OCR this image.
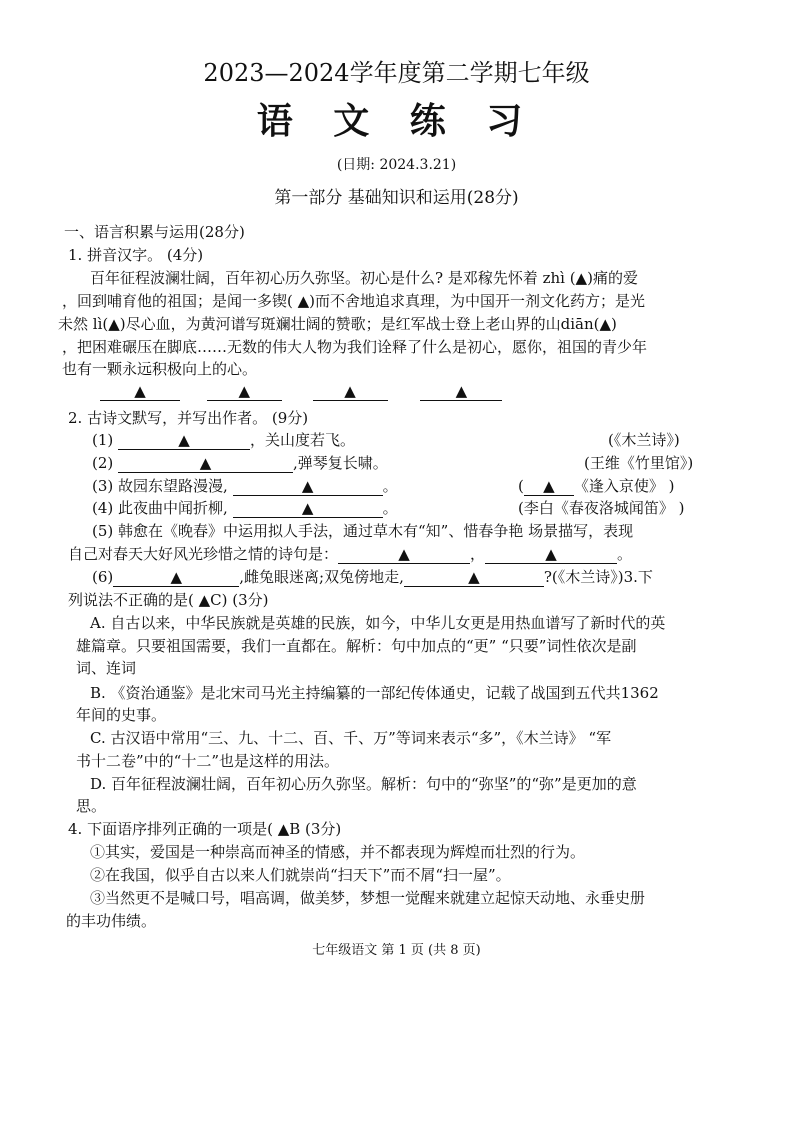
2023—2024学年度第二学期七年级
语 文 练 习
(日期: 2024.3.21)
第一部分 基础知识和运用(28分)
一、语言积累与运用(28分)
1. 拼音汉字。 (4分)
百年征程波澜壮阔，百年初心历久弥坚。初心是什么? 是邓稼先怀着 zhì (▲)痛的爱
，回到哺育他的祖国；是闻一多锲( ▲)而不舍地追求真理，为中国开一剂文化药方；是光
未然 lì(▲)尽心血，为黄河谱写斑斓壮阔的赞歌；是红军战士登上老山界的山diān(▲)
，把困难碾压在脚底……无数的伟大人物为我们诠释了什么是初心，愿你，祖国的青少年
也有一颗永远积极向上的心。
▲	▲	▲	▲
2. 古诗文默写，并写出作者。 (9分)
(1)	▲	，关山度若飞。	(《木兰诗》)
(2)	▲	,弹琴复长啸。	(王维《竹里馆》)
(3) 故园东望路漫漫,	▲	。	( ▲ 《逢入京使》 )
(4) 此夜曲中闻折柳,	▲	。	(李白《春夜洛城闻笛》 )
(5) 韩愈在《晚春》中运用拟人手法，通过草木有“知”、惜春争艳 场景描写，表现
自己对春天大好风光珍惜之情的诗句是：	▲	，	▲	。
(6)	▲	,雌兔眼迷离;双兔傍地走,	▲	?(《木兰诗》)3.下
列说法不正确的是( ▲C) (3分)
A. 自古以来，中华民族就是英雄的民族，如今，中华儿女更是用热血谱写了新时代的英
雄篇章。只要祖国需要，我们一直都在。解析：句中加点的“更” “只要”词性依次是副
词、连词
B. 《资治通鉴》是北宋司马光主持编纂的一部纪传体通史，记载了战国到五代共1362
年间的史事。
C. 古汉语中常用“三、九、十二、百、千、万”等词来表示“多”，《木兰诗》 “军
书十二卷”中的“十二”也是这样的用法。
D. 百年征程波澜壮阔，百年初心历久弥坚。解析：句中的“弥坚”的“弥”是更加的意
思。
4. 下面语序排列正确的一项是( ▲B (3分)
①其实，爱国是一种崇高而神圣的情感，并不都表现为辉煌而壮烈的行为。
②在我国，似乎自古以来人们就崇尚“扫天下”而不屑“扫一屋”。
③当然更不是喊口号，唱高调，做美梦，梦想一觉醒来就建立起惊天动地、永垂史册
的丰功伟绩。
七年级语文 第 1 页 (共 8 页)
